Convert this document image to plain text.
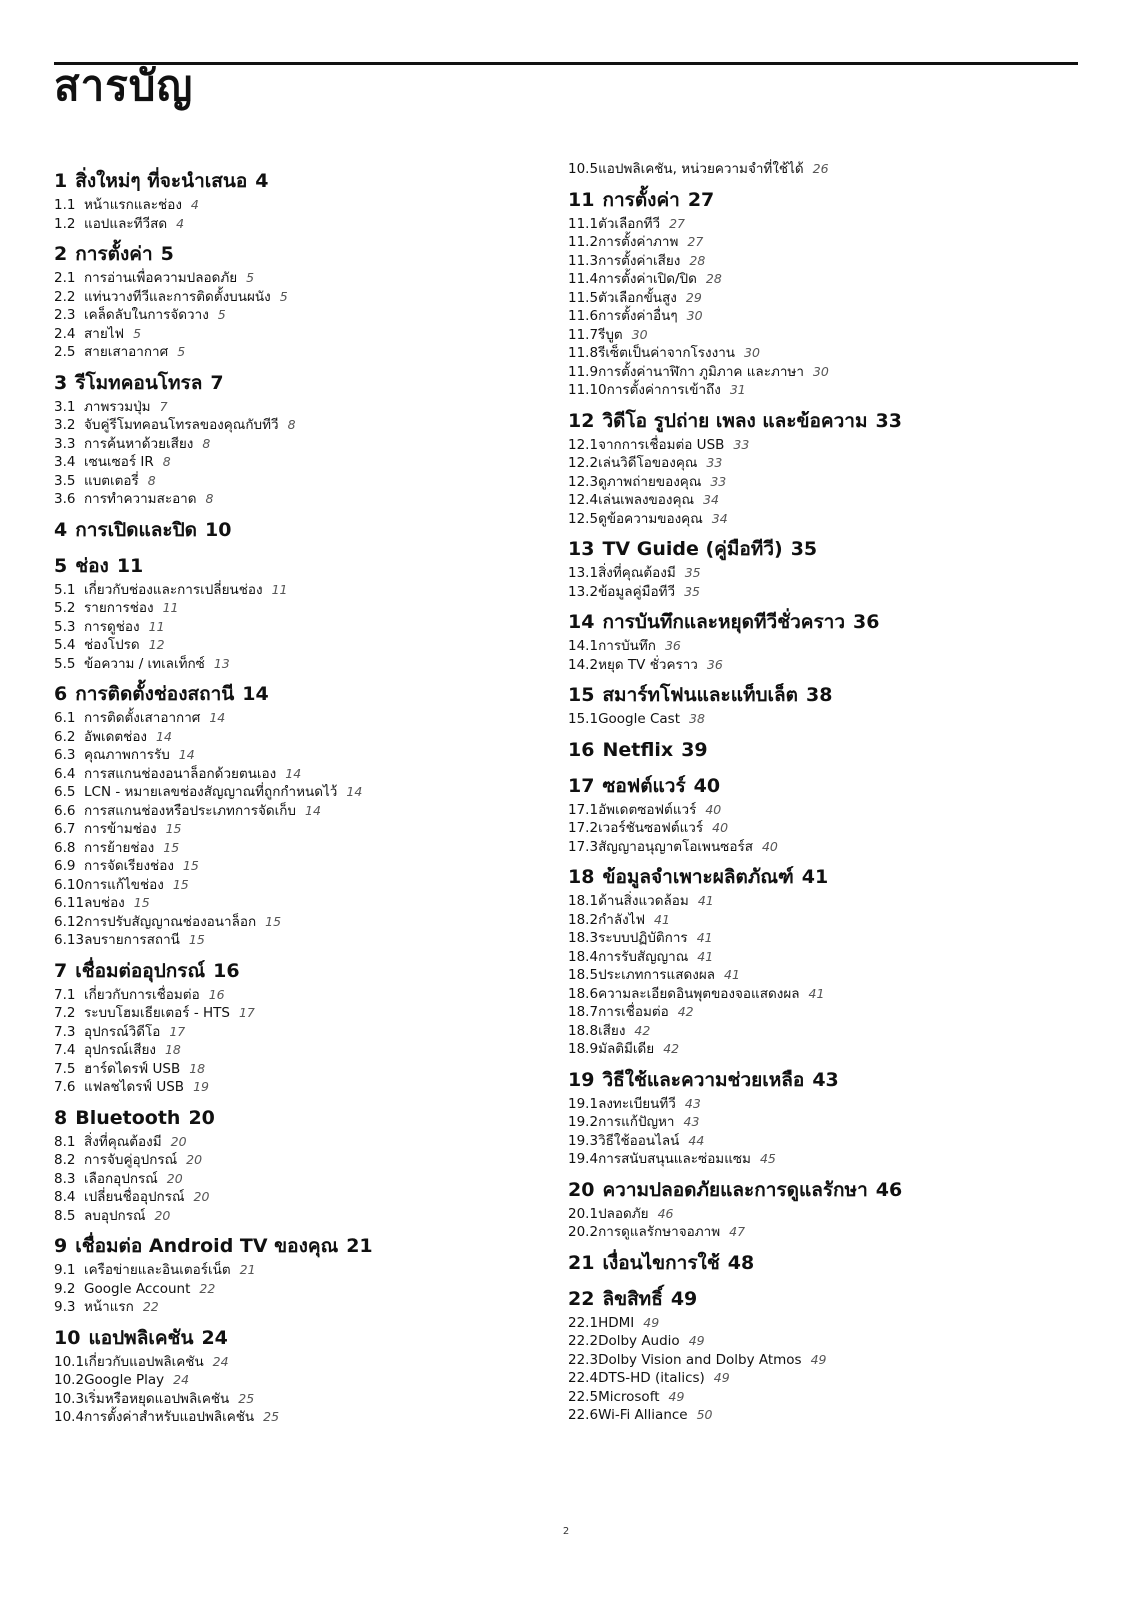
สารบัญ
1 สิ่งใหม่ๆ ที่จะนำเสนอ 4
1.1 หน้าแรกและช่อง 4
1.2 แอปและทีวีสด 4
2 การตั้งค่า 5
2.1 การอ่านเพื่อความปลอดภัย 5
2.2 แท่นวางทีวีและการติดตั้งบนผนัง 5
2.3 เคล็ดลับในการจัดวาง 5
2.4 สายไฟ 5
2.5 สายเสาอากาศ 5
3 รีโมทคอนโทรล 7
3.1 ภาพรวมปุ่ม 7
3.2 จับคู่รีโมทคอนโทรลของคุณกับทีวี 8
3.3 การค้นหาด้วยเสียง 8
3.4 เซนเซอร์ IR 8
3.5 แบตเตอรี่ 8
3.6 การทำความสะอาด 8
4 การเปิดและปิด 10
5 ช่อง 11
5.1 เกี่ยวกับช่องและการเปลี่ยนช่อง 11
5.2 รายการช่อง 11
5.3 การดูช่อง 11
5.4 ช่องโปรด 12
5.5 ข้อความ / เทเลเท็กซ์ 13
6 การติดตั้งช่องสถานี 14
6.1 การติดตั้งเสาอากาศ 14
6.2 อัพเดตช่อง 14
6.3 คุณภาพการรับ 14
6.4 การสแกนช่องอนาล็อกด้วยตนเอง 14
6.5 LCN - หมายเลขช่องสัญญาณที่ถูกกำหนดไว้ 14
6.6 การสแกนช่องหรือประเภทการจัดเก็บ 14
6.7 การข้ามช่อง 15
6.8 การย้ายช่อง 15
6.9 การจัดเรียงช่อง 15
6.10การแก้ไขช่อง 15
6.11ลบช่อง 15
6.12การปรับสัญญาณช่องอนาล็อก 15
6.13ลบรายการสถานี 15
7 เชื่อมต่ออุปกรณ์ 16
7.1 เกี่ยวกับการเชื่อมต่อ 16
7.2 ระบบโฮมเธียเตอร์ - HTS 17
7.3 อุปกรณ์วิดีโอ 17
7.4 อุปกรณ์เสียง 18
7.5 ฮาร์ดไดรฟ์ USB 18
7.6 แฟลชไดรฟ์ USB 19
8 Bluetooth 20
8.1 สิ่งที่คุณต้องมี 20
8.2 การจับคู่อุปกรณ์ 20
8.3 เลือกอุปกรณ์ 20
8.4 เปลี่ยนชื่ออุปกรณ์ 20
8.5 ลบอุปกรณ์ 20
9 เชื่อมต่อ Android TV ของคุณ 21
9.1 เครือข่ายและอินเตอร์เน็ต 21
9.2 Google Account 22
9.3 หน้าแรก 22
10 แอปพลิเคชัน 24
10.1เกี่ยวกับแอปพลิเคชัน 24
10.2Google Play 24
10.3เริ่มหรือหยุดแอปพลิเคชัน 25
10.4การตั้งค่าสำหรับแอปพลิเคชัน 25
10.5แอปพลิเคชัน, หน่วยความจำที่ใช้ได้ 26
11 การตั้งค่า 27
11.1ตัวเลือกทีวี 27
11.2การตั้งค่าภาพ 27
11.3การตั้งค่าเสียง 28
11.4การตั้งค่าเปิด/ปิด 28
11.5ตัวเลือกขั้นสูง 29
11.6การตั้งค่าอื่นๆ 30
11.7รีบูต 30
11.8รีเซ็ตเป็นค่าจากโรงงาน 30
11.9การตั้งค่านาฬิกา ภูมิภาค และภาษา 30
11.10การตั้งค่าการเข้าถึง 31
12 วิดีโอ รูปถ่าย เพลง และข้อความ 33
12.1จากการเชื่อมต่อ USB 33
12.2เล่นวิดีโอของคุณ 33
12.3ดูภาพถ่ายของคุณ 33
12.4เล่นเพลงของคุณ 34
12.5ดูข้อความของคุณ 34
13 TV Guide (คู่มือทีวี) 35
13.1สิ่งที่คุณต้องมี 35
13.2ข้อมูลคู่มือทีวี 35
14 การบันทึกและหยุดทีวีชั่วคราว 36
14.1การบันทึก 36
14.2หยุด TV ชั่วคราว 36
15 สมาร์ทโฟนและแท็บเล็ต 38
15.1Google Cast 38
16 Netflix 39
17 ซอฟต์แวร์ 40
17.1อัพเดตซอฟต์แวร์ 40
17.2เวอร์ชันซอฟต์แวร์ 40
17.3สัญญาอนุญาตโอเพนซอร์ส 40
18 ข้อมูลจำเพาะผลิตภัณฑ์ 41
18.1ด้านสิ่งแวดล้อม 41
18.2กำลังไฟ 41
18.3ระบบปฏิบัติการ 41
18.4การรับสัญญาณ 41
18.5ประเภทการแสดงผล 41
18.6ความละเอียดอินพุตของจอแสดงผล 41
18.7การเชื่อมต่อ 42
18.8เสียง 42
18.9มัลติมีเดีย 42
19 วิธีใช้และความช่วยเหลือ 43
19.1ลงทะเบียนทีวี 43
19.2การแก้ปัญหา 43
19.3วิธีใช้ออนไลน์ 44
19.4การสนับสนุนและซ่อมแซม 45
20 ความปลอดภัยและการดูแลรักษา 46
20.1ปลอดภัย 46
20.2การดูแลรักษาจอภาพ 47
21 เงื่อนไขการใช้ 48
22 ลิขสิทธิ์ 49
22.1HDMI 49
22.2Dolby Audio 49
22.3Dolby Vision and Dolby Atmos 49
22.4DTS-HD (italics) 49
22.5Microsoft 49
22.6Wi-Fi Alliance 50
2
